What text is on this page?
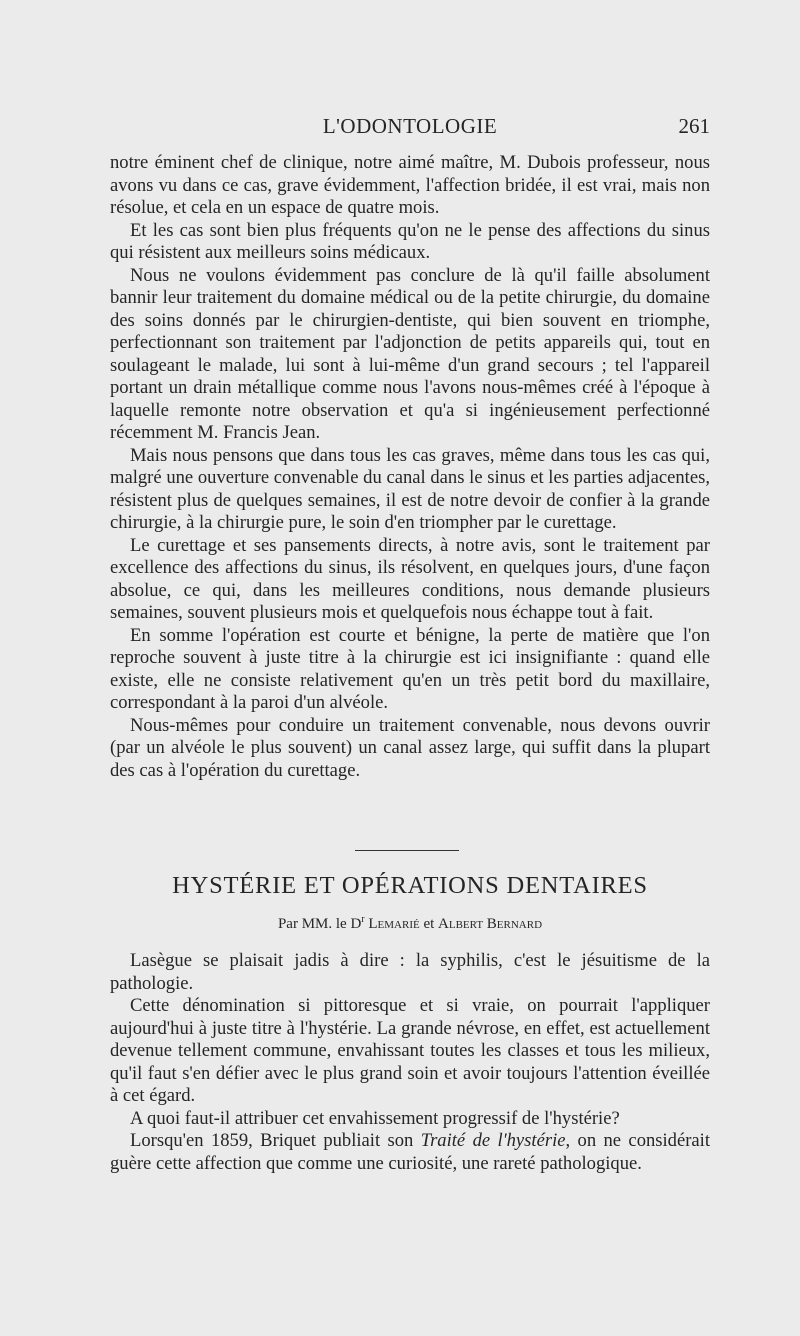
L'ODONTOLOGIE	261

notre éminent chef de clinique, notre aimé maître, M. Dubois professeur, nous avons vu dans ce cas, grave évidemment, l'affection bridée, il est vrai, mais non résolue, et cela en un espace de quatre mois.

Et les cas sont bien plus fréquents qu'on ne le pense des affections du sinus qui résistent aux meilleurs soins médicaux.

Nous ne voulons évidemment pas conclure de là qu'il faille absolument bannir leur traitement du domaine médical ou de la petite chirurgie, du domaine des soins donnés par le chirurgien-dentiste, qui bien souvent en triomphe, perfectionnant son traitement par l'adjonction de petits appareils qui, tout en soulageant le malade, lui sont à lui-même d'un grand secours ; tel l'appareil portant un drain métallique comme nous l'avons nous-mêmes créé à l'époque à laquelle remonte notre observation et qu'a si ingénieusement perfectionné récemment M. Francis Jean.

Mais nous pensons que dans tous les cas graves, même dans tous les cas qui, malgré une ouverture convenable du canal dans le sinus et les parties adjacentes, résistent plus de quelques semaines, il est de notre devoir de confier à la grande chirurgie, à la chirurgie pure, le soin d'en triompher par le curettage.

Le curettage et ses pansements directs, à notre avis, sont le traitement par excellence des affections du sinus, ils résolvent, en quelques jours, d'une façon absolue, ce qui, dans les meilleures conditions, nous demande plusieurs semaines, souvent plusieurs mois et quelquefois nous échappe tout à fait.

En somme l'opération est courte et bénigne, la perte de matière que l'on reproche souvent à juste titre à la chirurgie est ici insignifiante : quand elle existe, elle ne consiste relativement qu'en un très petit bord du maxillaire, correspondant à la paroi d'un alvéole.

Nous-mêmes pour conduire un traitement convenable, nous devons ouvrir (par un alvéole le plus souvent) un canal assez large, qui suffit dans la plupart des cas à l'opération du curettage.

HYSTÉRIE ET OPÉRATIONS DENTAIRES
Par MM. le $D^r$ Lemarié et Albert Bernard

Lasègue se plaisait jadis à dire : la syphilis, c'est le jésuitisme de la pathologie.

Cette dénomination si pittoresque et si vraie, on pourrait l'appliquer aujourd'hui à juste titre à l'hystérie. La grande névrose, en effet, est actuellement devenue tellement commune, envahissant toutes les classes et tous les milieux, qu'il faut s'en défier avec le plus grand soin et avoir toujours l'attention éveillée à cet égard.

A quoi faut-il attribuer cet envahissement progressif de l'hystérie?

Lorsqu'en 1859, Briquet publiait son Traité de l'hystérie, on ne considérait guère cette affection que comme une curiosité, une rareté pathologique.
